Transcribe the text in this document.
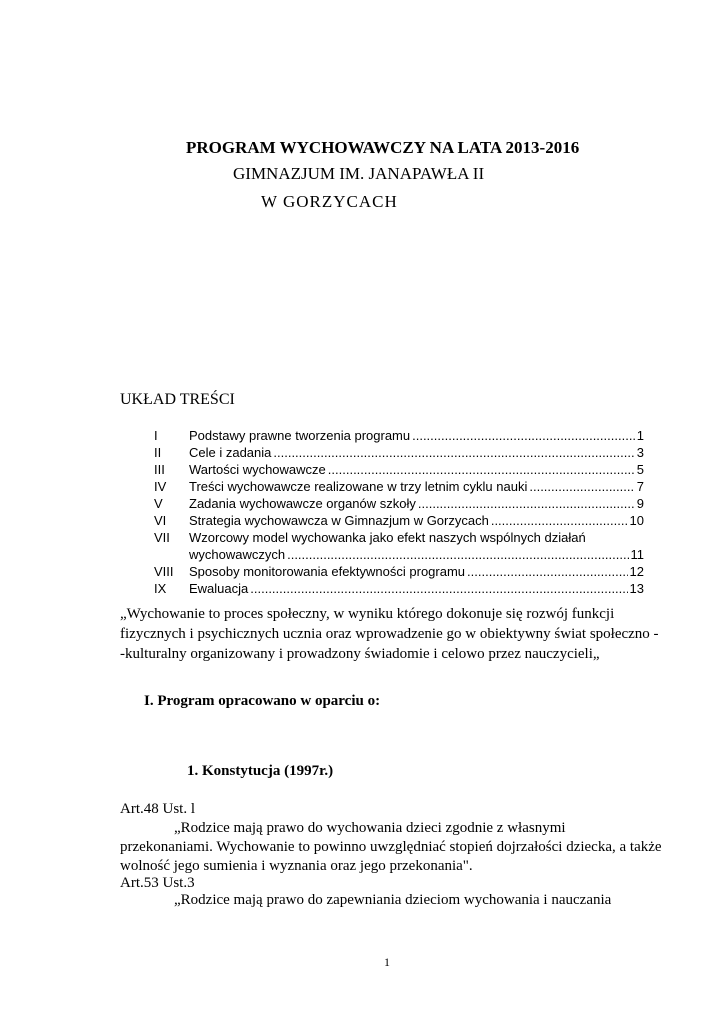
PROGRAM WYCHOWAWCZY NA LATA 2013-2016
GIMNAZJUM IM. JANAPAWŁA II
W GORZYCACH
UKŁAD TREŚCI
I Podstawy prawne tworzenia programu .....	1
II Cele i zadania .....	3
III Wartości wychowawcze .....	5
IV Treści wychowawcze realizowane w trzy letnim cyklu nauki .....	7
V Zadania wychowawcze organów szkoły .....	9
VI Strategia wychowawcza w Gimnazjum w Gorzycach .....	10
VII Wzorcowy model wychowanka jako efekt naszych wspólnych działań
wychowawczych .....	11
VIII Sposoby monitorowania efektywności programu .....	12
IX Ewaluacja .....	13
„Wychowanie to proces społeczny, w wyniku którego dokonuje się rozwój funkcji
fizycznych i psychicznych ucznia oraz wprowadzenie go w obiektywny świat społeczno -
-kulturalny organizowany i prowadzony świadomie i celowo przez nauczycieli„
I. Program opracowano w oparciu o:
1. Konstytucja (1997r.)
Art.48 Ust. l
„Rodzice mają prawo do wychowania dzieci zgodnie z własnymi
przekonaniami. Wychowanie to powinno uwzględniać stopień dojrzałości dziecka, a także
wolność jego sumienia i wyznania oraz jego przekonania".
Art.53 Ust.3
„Rodzice mają prawo do zapewniania dzieciom wychowania i nauczania
1
